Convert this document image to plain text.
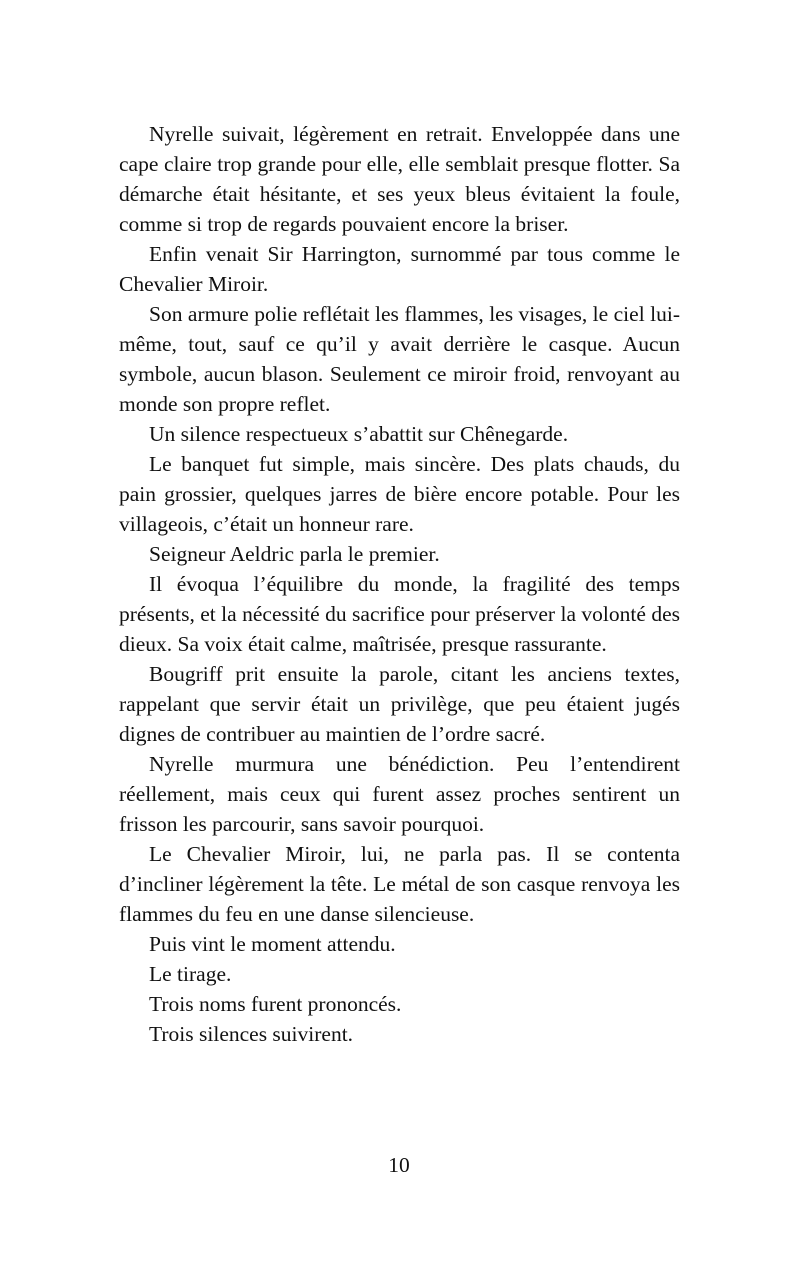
Nyrelle suivait, légèrement en retrait. Enveloppée dans une cape claire trop grande pour elle, elle semblait presque flotter. Sa démarche était hésitante, et ses yeux bleus évitaient la foule, comme si trop de regards pouvaient encore la briser.

Enfin venait Sir Harrington, surnommé par tous comme le Chevalier Miroir.

Son armure polie reflétait les flammes, les visages, le ciel lui-même, tout, sauf ce qu’il y avait derrière le casque. Aucun symbole, aucun blason. Seulement ce miroir froid, renvoyant au monde son propre reflet.

Un silence respectueux s’abattit sur Chênegarde.

Le banquet fut simple, mais sincère. Des plats chauds, du pain grossier, quelques jarres de bière encore potable. Pour les villageois, c’était un honneur rare.

Seigneur Aeldric parla le premier.

Il évoqua l’équilibre du monde, la fragilité des temps présents, et la nécessité du sacrifice pour préserver la volonté des dieux. Sa voix était calme, maîtrisée, presque rassurante.

Bougriff prit ensuite la parole, citant les anciens textes, rappelant que servir était un privilège, que peu étaient jugés dignes de contribuer au maintien de l’ordre sacré.

Nyrelle murmura une bénédiction. Peu l’entendirent réellement, mais ceux qui furent assez proches sentirent un frisson les parcourir, sans savoir pourquoi.

Le Chevalier Miroir, lui, ne parla pas. Il se contenta d’incliner légèrement la tête. Le métal de son casque renvoya les flammes du feu en une danse silencieuse.

Puis vint le moment attendu.

Le tirage.

Trois noms furent prononcés.

Trois silences suivirent.

10
